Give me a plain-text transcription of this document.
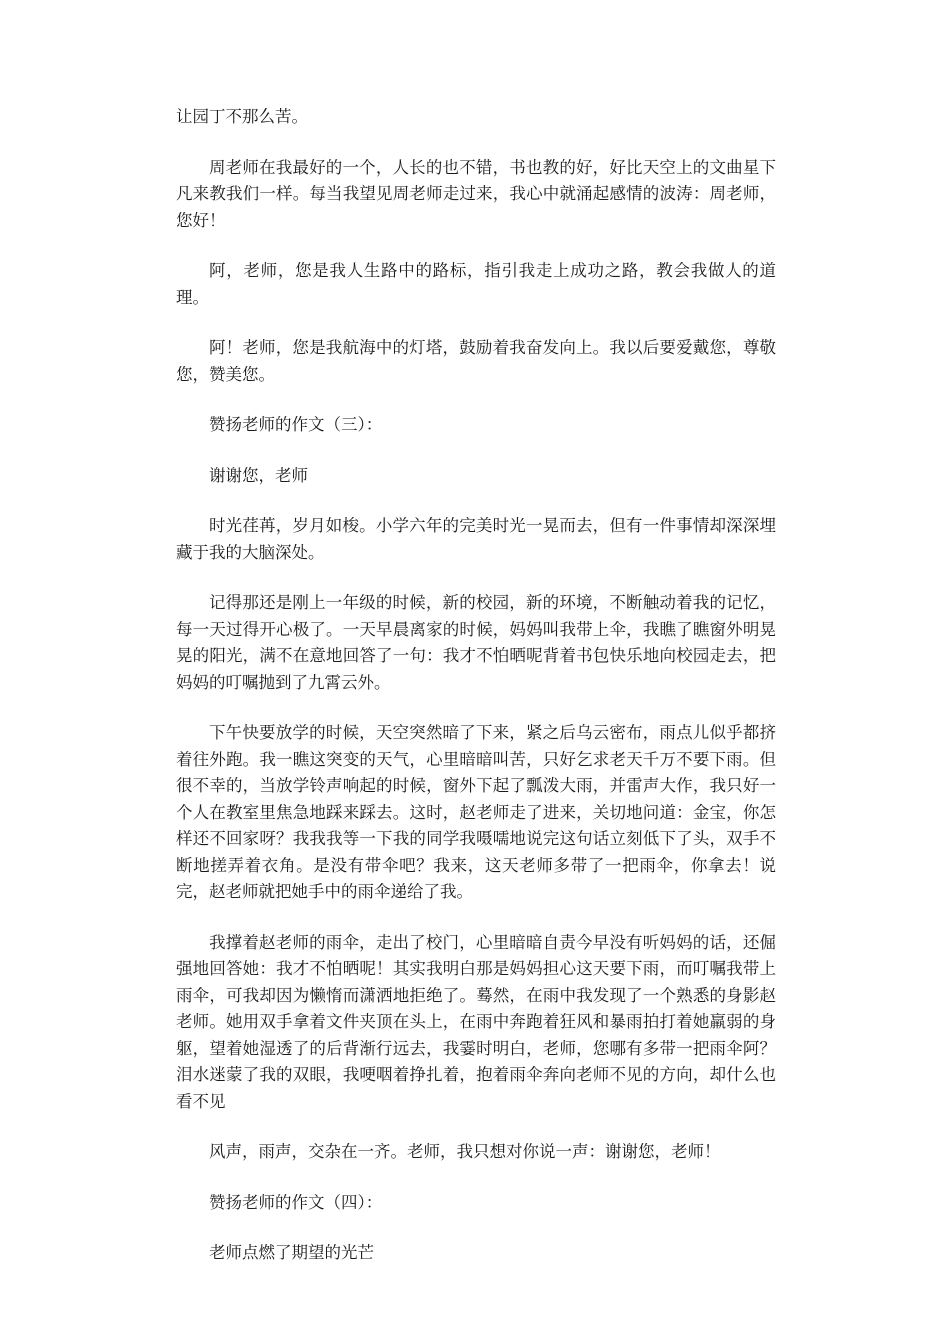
让园丁不那么苦。

周老师在我最好的一个，人长的也不错，书也教的好，好比天空上的文曲星下凡来教我们一样。每当我望见周老师走过来，我心中就涌起感情的波涛：周老师，您好！

阿，老师，您是我人生路中的路标，指引我走上成功之路，教会我做人的道理。

阿！老师，您是我航海中的灯塔，鼓励着我奋发向上。我以后要爱戴您，尊敬您，赞美您。

赞扬老师的作文（三）：

谢谢您，老师

时光荏苒，岁月如梭。小学六年的完美时光一晃而去，但有一件事情却深深埋藏于我的大脑深处。

记得那还是刚上一年级的时候，新的校园，新的环境，不断触动着我的记忆，每一天过得开心极了。一天早晨离家的时候，妈妈叫我带上伞，我瞧了瞧窗外明晃晃的阳光，满不在意地回答了一句：我才不怕晒呢背着书包快乐地向校园走去，把妈妈的叮嘱抛到了九霄云外。

下午快要放学的时候，天空突然暗了下来，紧之后乌云密布，雨点儿似乎都挤着往外跑。我一瞧这突变的天气，心里暗暗叫苦，只好乞求老天千万不要下雨。但很不幸的，当放学铃声响起的时候，窗外下起了瓢泼大雨，并雷声大作，我只好一个人在教室里焦急地踩来踩去。这时，赵老师走了进来，关切地问道：金宝，你怎样还不回家呀？我我我等一下我的同学我嗫嚅地说完这句话立刻低下了头，双手不断地搓弄着衣角。是没有带伞吧？我来，这天老师多带了一把雨伞，你拿去！说完，赵老师就把她手中的雨伞递给了我。

我撑着赵老师的雨伞，走出了校门，心里暗暗自责今早没有听妈妈的话，还倔强地回答她：我才不怕晒呢！其实我明白那是妈妈担心这天要下雨，而叮嘱我带上雨伞，可我却因为懒惰而潇洒地拒绝了。蓦然，在雨中我发现了一个熟悉的身影赵老师。她用双手拿着文件夹顶在头上，在雨中奔跑着狂风和暴雨拍打着她羸弱的身躯，望着她湿透了的后背渐行远去，我霎时明白，老师，您哪有多带一把雨伞阿？泪水迷蒙了我的双眼，我哽咽着挣扎着，抱着雨伞奔向老师不见的方向，却什么也看不见

风声，雨声，交杂在一齐。老师，我只想对你说一声：谢谢您，老师！

赞扬老师的作文（四）：

老师点燃了期望的光芒
